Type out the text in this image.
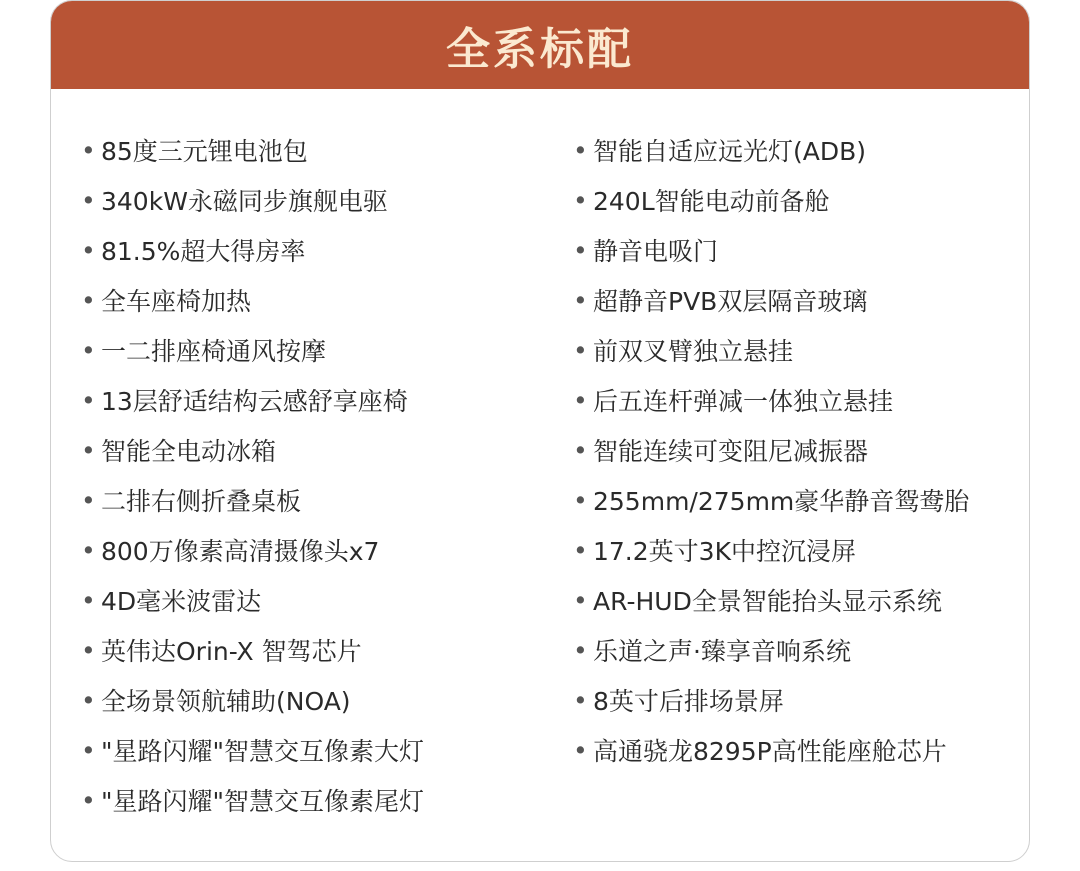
全系标配
• 85度三元锂电池包
• 340kW永磁同步旗舰电驱
• 81.5%超大得房率
• 全车座椅加热
• 一二排座椅通风按摩
• 13层舒适结构云感舒享座椅
• 智能全电动冰箱
• 二排右侧折叠桌板
• 800万像素高清摄像头x7
• 4D毫米波雷达
• 英伟达Orin-X 智驾芯片
• 全场景领航辅助(NOA)
• "星路闪耀"智慧交互像素大灯
• "星路闪耀"智慧交互像素尾灯
• 智能自适应远光灯(ADB)
• 240L智能电动前备舱
• 静音电吸门
• 超静音PVB双层隔音玻璃
• 前双叉臂独立悬挂
• 后五连杆弹减一体独立悬挂
• 智能连续可变阻尼减振器
• 255mm/275mm豪华静音鸳鸯胎
• 17.2英寸3K中控沉浸屏
• AR-HUD全景智能抬头显示系统
• 乐道之声·臻享音响系统
• 8英寸后排场景屏
• 高通骁龙8295P高性能座舱芯片
